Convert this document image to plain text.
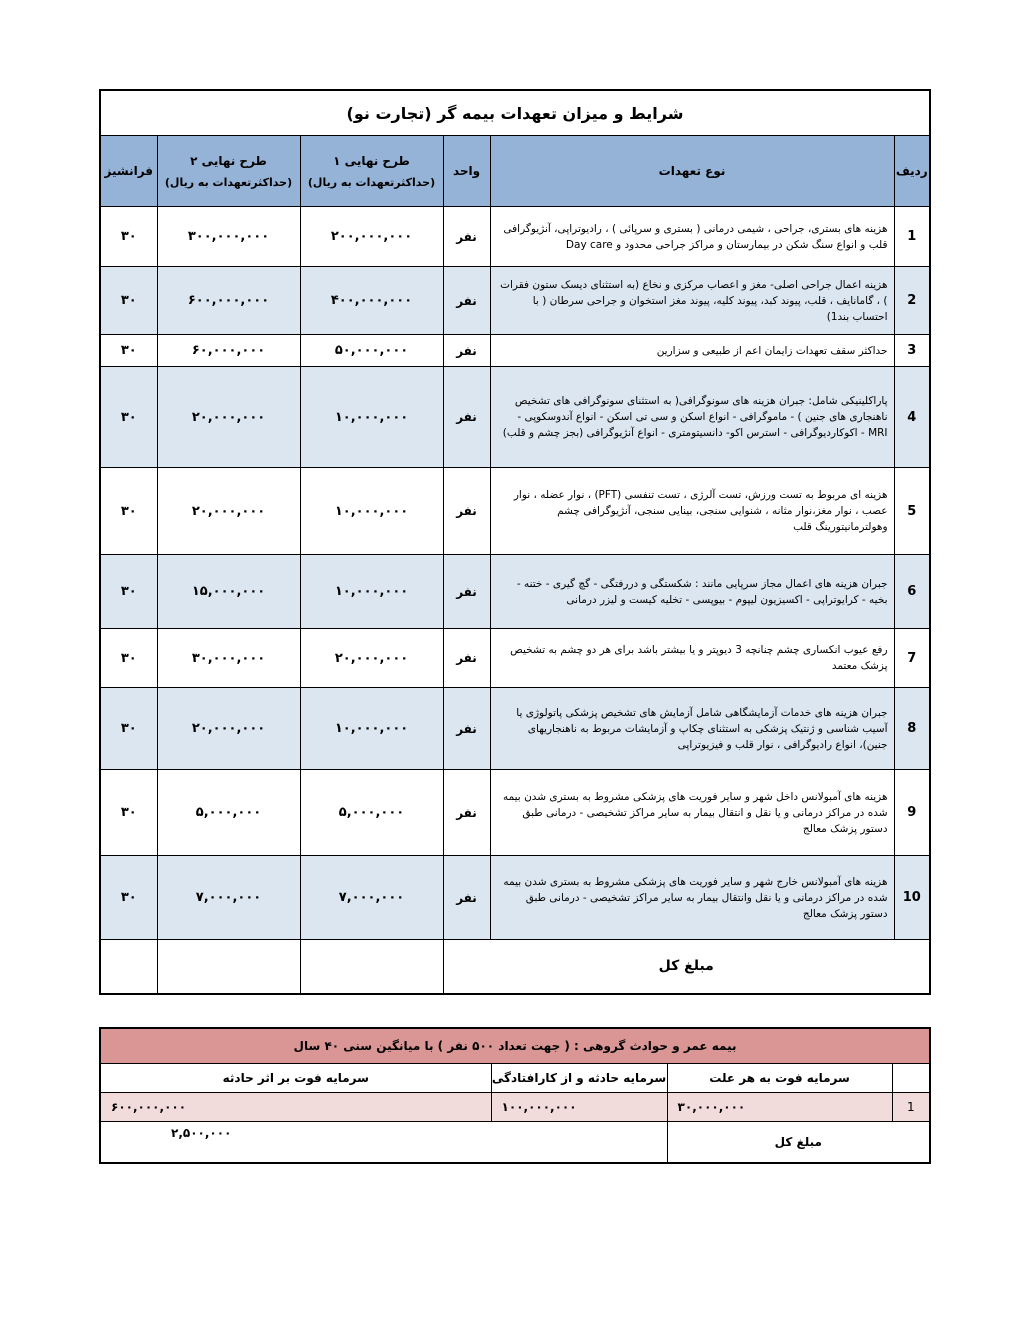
شرایط و میزان تعهدات بیمه گر (تجارت نو)					
ردیف	نوع تعهدات	واحد	طرح نهایی ۱
(حداکثرتعهدات به ریال)	طرح نهایی ۲
(حداکثرتعهدات به ریال)	فرانشیز
1	هزینه های بستری، جراحی ، شیمی درمانی ( بستری و سرپائی ) ، رادیوتراپی، آنژیوگرافی قلب و انواع سنگ شکن در بیمارستان و مراکز جراحی محدود و Day care	نفر	۲۰۰,۰۰۰,۰۰۰	۳۰۰,۰۰۰,۰۰۰	۳۰
2	هزینه اعمال جراحی اصلی- مغز و اعصاب مرکزی و نخاع (به استثنای دیسک ستون فقرات ) ، گامانایف ، قلب، پیوند کبد، پیوند کلیه، پیوند مغز استخوان و جراحی سرطان ( با احتساب بند1)	نفر	۴۰۰,۰۰۰,۰۰۰	۶۰۰,۰۰۰,۰۰۰	۳۰
3	حداکثر سقف تعهدات زایمان اعم از طبیعی و سزارین	نفر	۵۰,۰۰۰,۰۰۰	۶۰,۰۰۰,۰۰۰	۳۰
4	پاراکلینیکی شامل: جبران هزینه های سونوگرافی( به استثنای سونوگرافی های تشخیص ناهنجاری های جنین ) - ماموگرافی - انواع اسکن و سی تی اسکن - انواع آندوسکوپی - MRI - اکوکاردیوگرافی - استرس اکو- دانسیتومتری - انواع آنژیوگرافی (بجز چشم و قلب)	نفر	۱۰,۰۰۰,۰۰۰	۲۰,۰۰۰,۰۰۰	۳۰
5	هزینه ای مربوط به تست ورزش، تست آلرژی ، تست تنفسی (PFT) ، نوار عضله ، نوار عصب ، نوار مغز،نوار مثانه ، شنوایی سنجی، بینایی سنجی، آنژیوگرافی چشم وهولترمانیتورینگ قلب	نفر	۱۰,۰۰۰,۰۰۰	۲۰,۰۰۰,۰۰۰	۳۰
6	جبران هزینه های اعمال مجاز سرپایی مانند : شکستگی و دررفتگی - گچ گیری - ختنه - بخیه - کرایوتراپی - اکسیزیون لیپوم - بیوپسی - تخلیه کیست و لیزر درمانی	نفر	۱۰,۰۰۰,۰۰۰	۱۵,۰۰۰,۰۰۰	۳۰
7	رفع عیوب انکساری چشم چنانچه 3 دیوپتر و یا بیشتر باشد برای هر دو چشم به تشخیص پزشک معتمد	نفر	۲۰,۰۰۰,۰۰۰	۳۰,۰۰۰,۰۰۰	۳۰
8	جبران هزینه های خدمات آزمایشگاهی شامل آزمایش های تشخیص پزشکی پاتولوژی یا آسیب شناسی و ژنتیک پزشکی به استثنای چکاپ و آزمایشات مربوط به ناهنجاریهای جنین)، انواع رادیوگرافی ، نوار قلب و فیزیوتراپی	نفر	۱۰,۰۰۰,۰۰۰	۲۰,۰۰۰,۰۰۰	۳۰
9	هزینه های آمبولانس داخل شهر و سایر فوریت های پزشکی مشروط به بستری شدن بیمه شده در مراکز درمانی و یا نقل و انتقال بیمار به سایر مراکز تشخیصی - درمانی طبق دستور پزشک معالج	نفر	۵,۰۰۰,۰۰۰	۵,۰۰۰,۰۰۰	۳۰
10	هزینه های آمبولانس خارج شهر و سایر فوریت های پزشکی مشروط به بستری شدن بیمه شده در مراکز درمانی و یا نقل وانتقال بیمار به سایر مراکز تشخیصی - درمانی طبق دستور پزشک معالج	نفر	۷,۰۰۰,۰۰۰	۷,۰۰۰,۰۰۰	۳۰
مبلغ کل					
بیمه عمر و حوادث گروهی : ( جهت تعداد ۵۰۰ نفر ) با میانگین سنی ۴۰ سال			
	سرمایه فوت به هر علت	سرمایه حادثه و از کارافتادگی	سرمایه فوت بر اثر حادثه
1	۳۰,۰۰۰,۰۰۰	۱۰۰,۰۰۰,۰۰۰	۶۰۰,۰۰۰,۰۰۰
مبلغ کل		۲,۵۰۰,۰۰۰	
